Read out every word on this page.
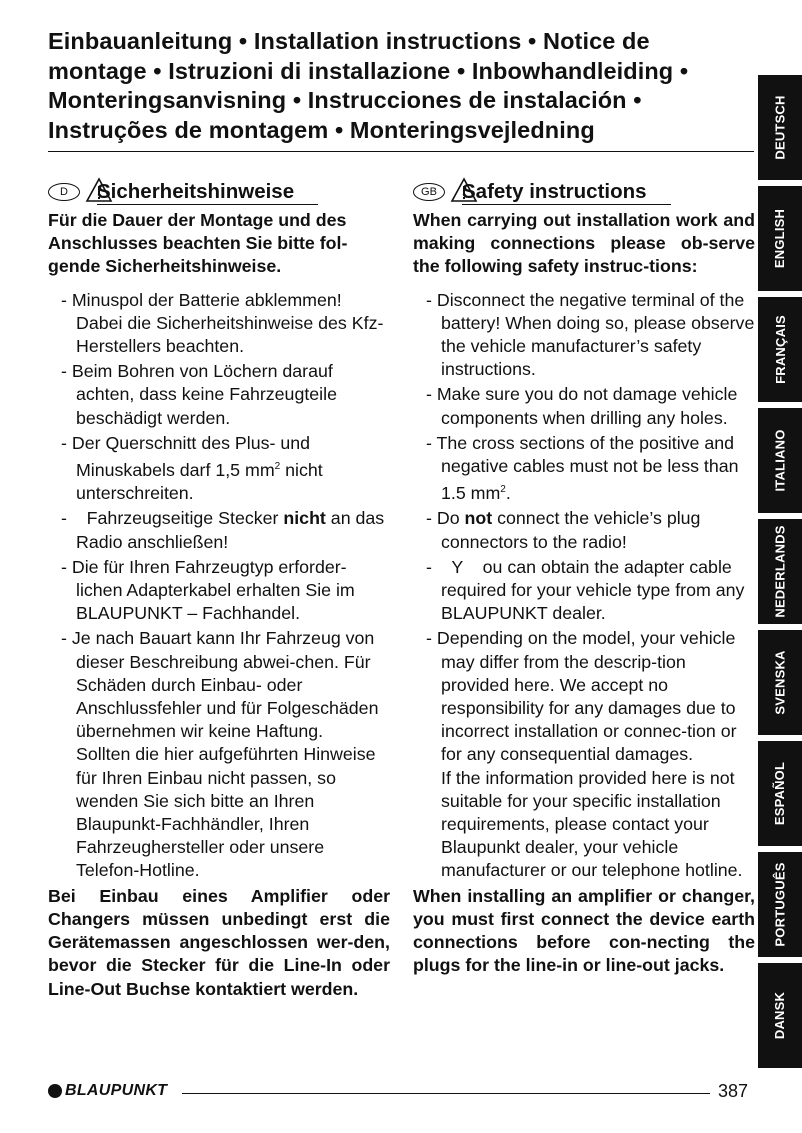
Einbauanleitung • Installation instructions • Notice de montage • Istruzioni di installazione • Inbowhandleiding • Monteringsanvisning • Instrucciones de instalación • Instruções de montagem • Monteringsvejledning
D	Sicherheitshinweise
Für die Dauer der Montage und des Anschlusses beachten Sie bitte fol-gende Sicherheitshinweise.
- Minuspol der Batterie abklemmen! Dabei die Sicherheitshinweise des Kfz- Herstellers beachten.
- Beim Bohren von Löchern darauf achten, dass keine Fahrzeugteile beschädigt werden.
- Der Querschnitt des Plus- und Minuskabels darf 1,5 $mm^2$ nicht unterschreiten.
-    Fahrzeugseitige Stecker nicht an das Radio anschließen!
- Die für Ihren Fahrzeugtyp erforder-lichen Adapterkabel erhalten Sie im BLAUPUNKT – Fachhandel.
- Je nach Bauart kann Ihr Fahrzeug von dieser Beschreibung abwei-chen. Für Schäden durch Einbau- oder Anschlussfehler und für Folgeschäden übernehmen wir keine Haftung.
Sollten die hier aufgeführten Hinweise für Ihren Einbau nicht passen, so wenden Sie sich bitte an Ihren Blaupunkt-Fachhändler, Ihren Fahrzeughersteller oder unsere Telefon-Hotline.
Bei Einbau eines Amplifier oder Changers müssen unbedingt erst die Gerätemassen angeschlossen wer-den, bevor die Stecker für die Line-In oder Line-Out Buchse kontaktiert werden.
GB	Safety instructions
When carrying out installation work and making connections please ob-serve the following safety instruc-tions:
- Disconnect the negative terminal of the battery! When doing so, please observe the vehicle manufacturer’s safety instructions.
- Make sure you do not damage vehicle components when drilling any holes.
- The cross sections of the positive and negative cables must not be less than 1.5 $mm^2$.
- Do not connect the vehicle’s plug connectors to the radio!
-    Y    ou can obtain the adapter cable required for your vehicle type from any BLAUPUNKT dealer.
- Depending on the model, your vehicle may differ from the descrip-tion provided here. We accept no responsibility for any damages due to incorrect installation or connec-tion or for any consequential damages.
If the information provided here is not suitable for your specific installation requirements, please contact your Blaupunkt dealer, your vehicle manufacturer or our telephone hotline.
When installing an amplifier or changer, you must first connect the device earth connections before con-necting the plugs for the line-in or line-out jacks.
DEUTSCH
ENGLISH
FRANÇAIS
ITALIANO
NEDERLANDS
SVENSKA
ESPAÑOL
PORTUGUÊS
DANSK
BLAUPUNKT	387
